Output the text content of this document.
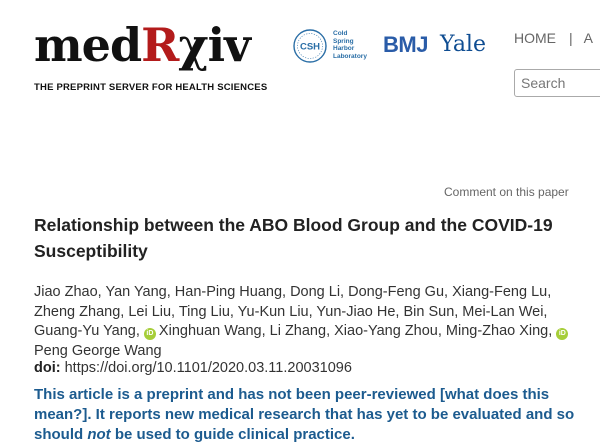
medRχiv
THE PREPRINT SERVER FOR HEALTH SCIENCES
CSH
Cold
Spring
Harbor
Laboratory BMJ Yale HOME | A
Search
Comment on this paper
Relationship between the ABO Blood Group and the COVID-19 Susceptibility
Jiao Zhao, Yan Yang, Han-Ping Huang, Dong Li, Dong-Feng Gu, Xiang-Feng Lu, Zheng Zhang, Lei Liu, Ting Liu, Yu-Kun Liu, Yun-Jiao He, Bin Sun, Mei-Lan Wei, Guang-Yu Yang, iD Xinghuan Wang, Li Zhang, Xiao-Yang Zhou, Ming-Zhao Xing, iDPeng George Wang
doi: https://doi.org/10.1101/2020.03.11.20031096
This article is a preprint and has not been peer-reviewed [what does this mean?]. It reports new medical research that has yet to be evaluated and so should not be used to guide clinical practice.
